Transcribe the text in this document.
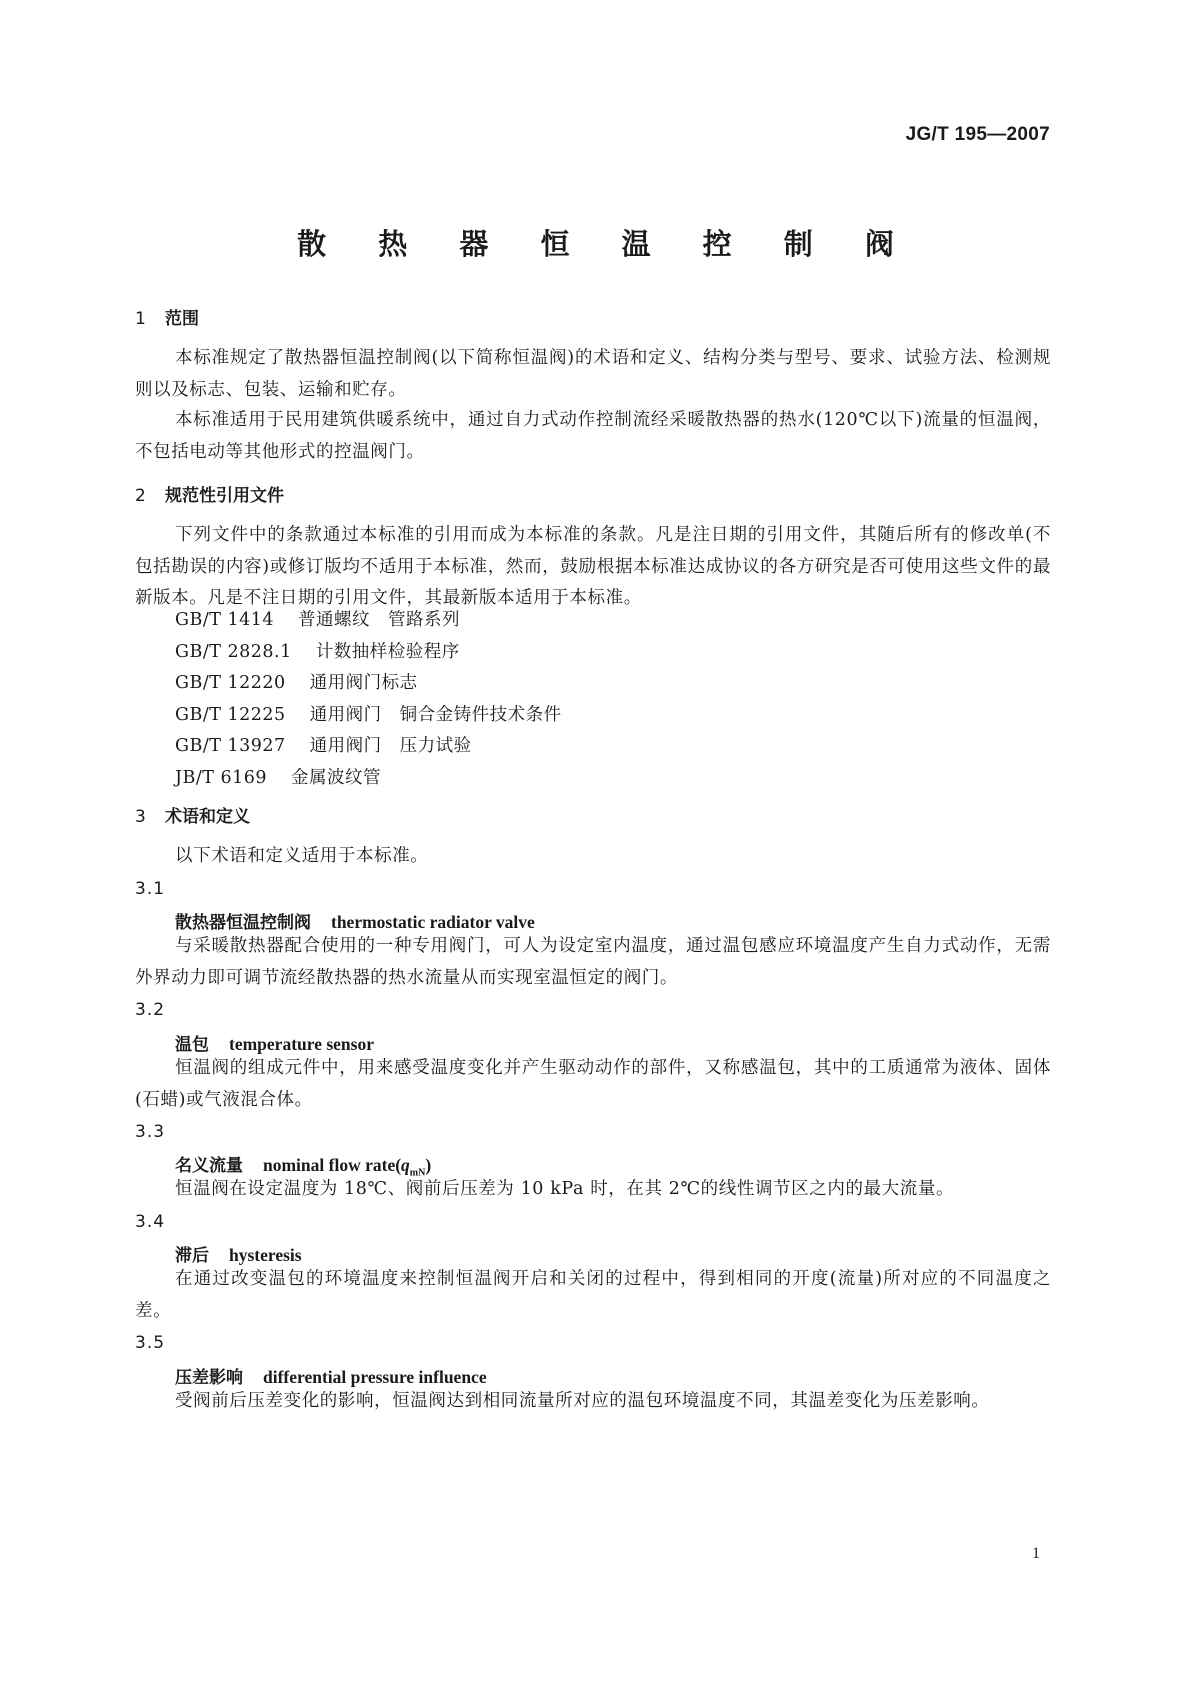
JG/T 195—2007
散 热 器 恒 温 控 制 阀
1 范围
本标准规定了散热器恒温控制阀(以下简称恒温阀)的术语和定义、结构分类与型号、要求、试验方法、检测规则以及标志、包装、运输和贮存。
本标准适用于民用建筑供暖系统中，通过自力式动作控制流经采暖散热器的热水(120℃以下)流量的恒温阀，不包括电动等其他形式的控温阀门。
2 规范性引用文件
下列文件中的条款通过本标准的引用而成为本标准的条款。凡是注日期的引用文件，其随后所有的修改单(不包括勘误的内容)或修订版均不适用于本标准，然而，鼓励根据本标准达成协议的各方研究是否可使用这些文件的最新版本。凡是不注日期的引用文件，其最新版本适用于本标准。
GB/T 1414 普通螺纹　管路系列
GB/T 2828.1 计数抽样检验程序
GB/T 12220 通用阀门标志
GB/T 12225 通用阀门　铜合金铸件技术条件
GB/T 13927 通用阀门　压力试验
JB/T 6169 金属波纹管
3 术语和定义
以下术语和定义适用于本标准。
3.1
散热器恒温控制阀 thermostatic radiator valve
与采暖散热器配合使用的一种专用阀门，可人为设定室内温度，通过温包感应环境温度产生自力式动作，无需外界动力即可调节流经散热器的热水流量从而实现室温恒定的阀门。
3.2
温包 temperature sensor
恒温阀的组成元件中，用来感受温度变化并产生驱动动作的部件，又称感温包，其中的工质通常为液体、固体(石蜡)或气液混合体。
3.3
名义流量 nominal flow $rate(q_{mN})$
恒温阀在设定温度为 18℃、阀前后压差为 10 kPa 时，在其 2℃的线性调节区之内的最大流量。
3.4
滞后 hysteresis
在通过改变温包的环境温度来控制恒温阀开启和关闭的过程中，得到相同的开度(流量)所对应的不同温度之差。
3.5
压差影响 differential pressure influence
受阀前后压差变化的影响，恒温阀达到相同流量所对应的温包环境温度不同，其温差变化为压差影响。
1
